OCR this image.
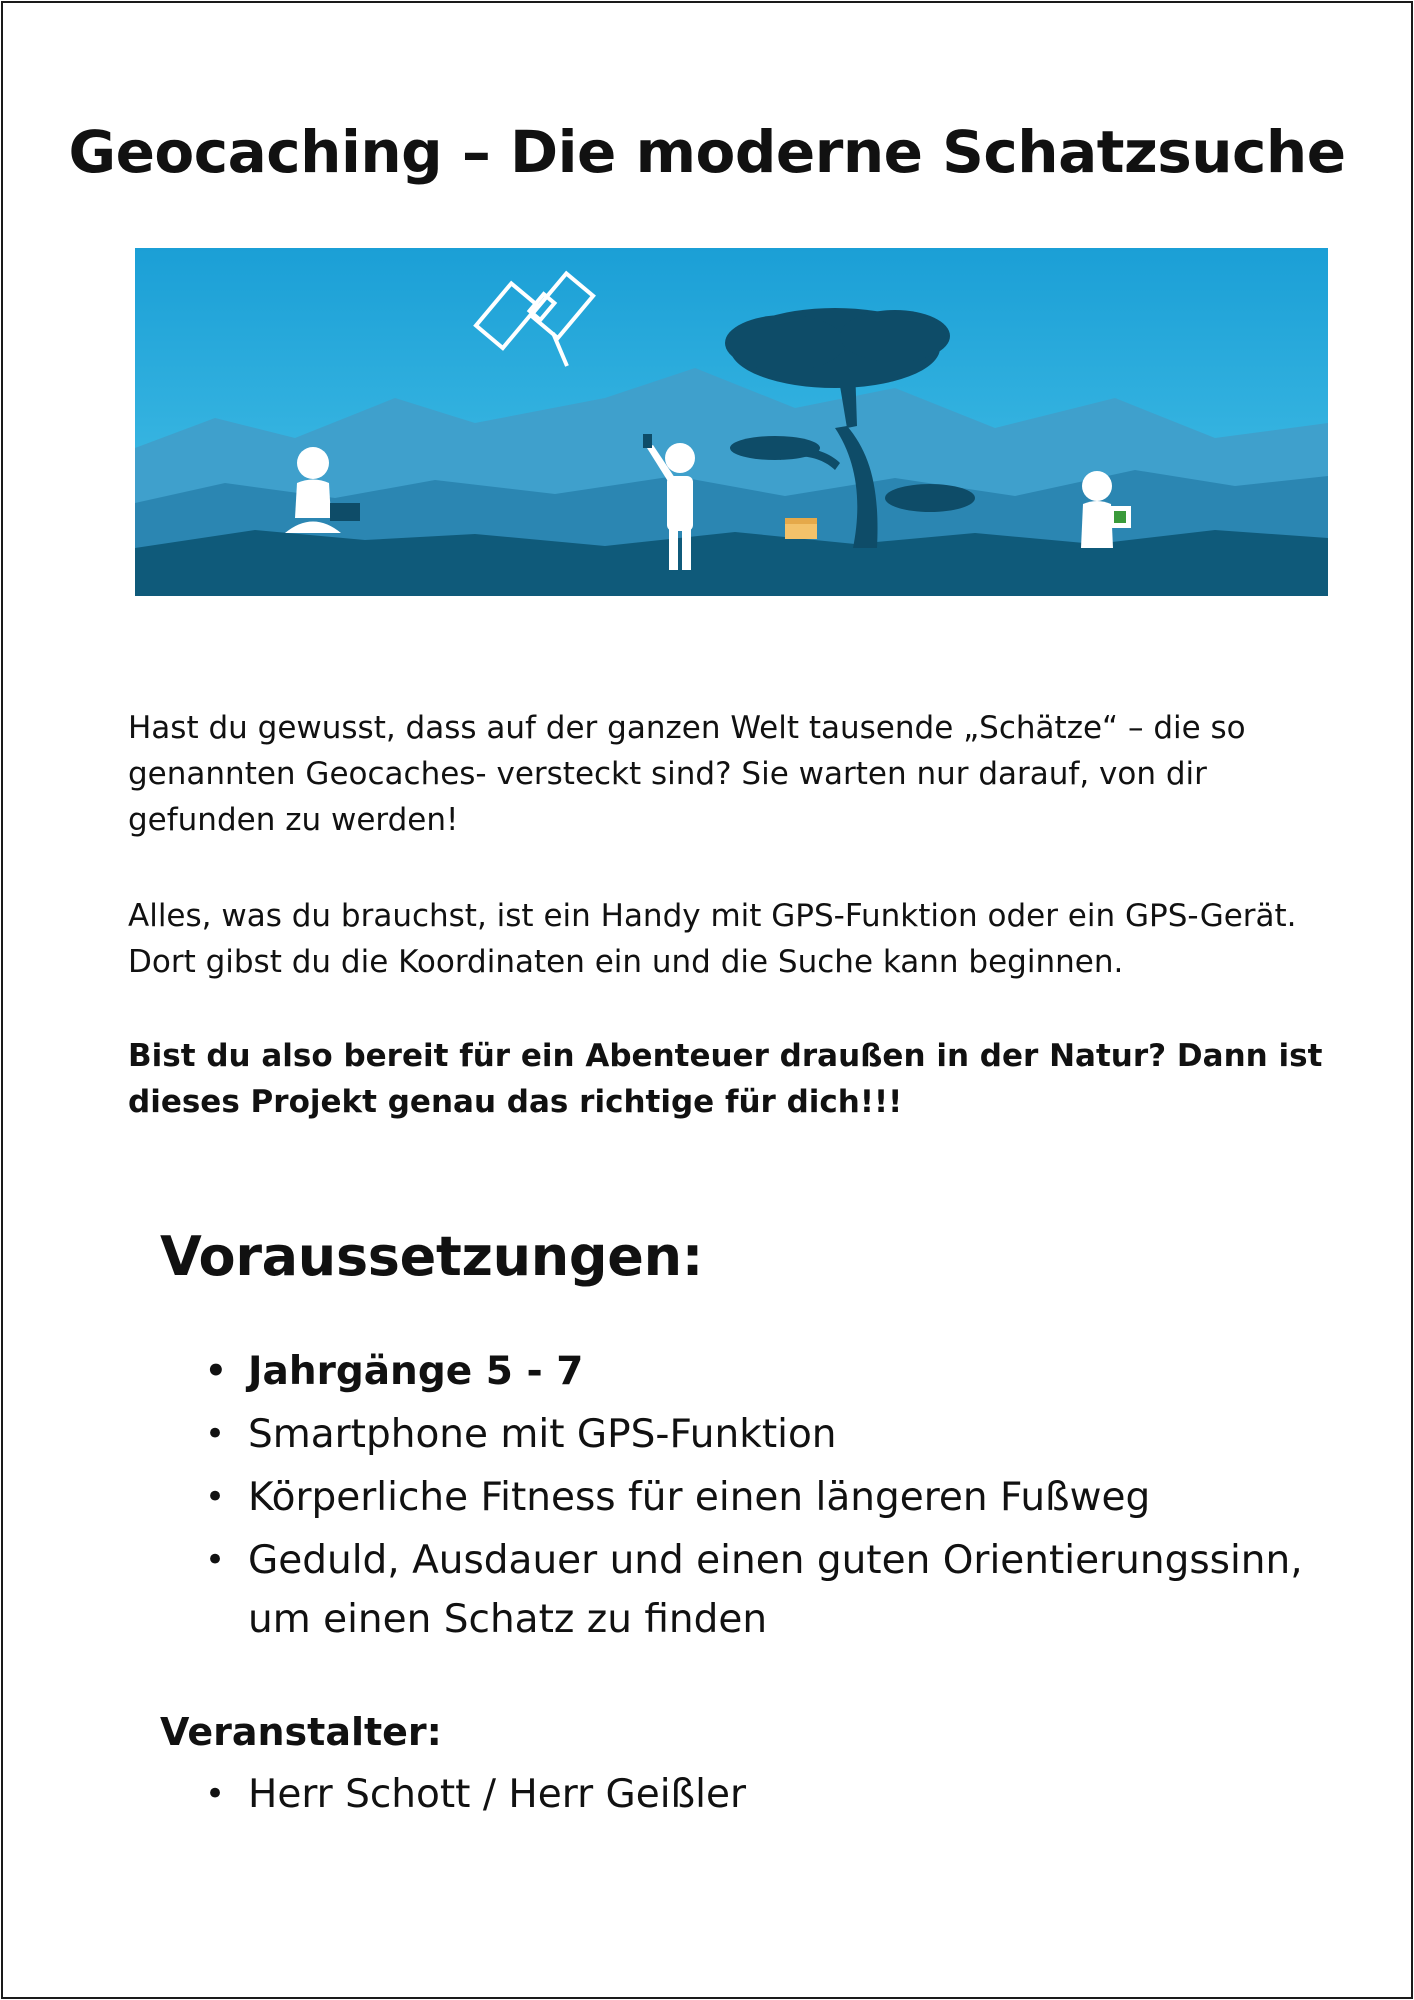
Geocaching – Die moderne Schatzsuche

Hast du gewusst, dass auf der ganzen Welt tausende „Schätze“ – die so genannten Geocaches- versteckt sind? Sie warten nur darauf, von dir gefunden zu werden!

Alles, was du brauchst, ist ein Handy mit GPS-Funktion oder ein GPS-Gerät. Dort gibst du die Koordinaten ein und die Suche kann beginnen.

Bist du also bereit für ein Abenteuer draußen in der Natur? Dann ist dieses Projekt genau das richtige für dich!!!

Voraussetzungen:
• Jahrgänge 5 - 7
• Smartphone mit GPS-Funktion
• Körperliche Fitness für einen längeren Fußweg
• Geduld, Ausdauer und einen guten Orientierungssinn, um einen Schatz zu finden
Veranstalter:
• Herr Schott / Herr Geißler
